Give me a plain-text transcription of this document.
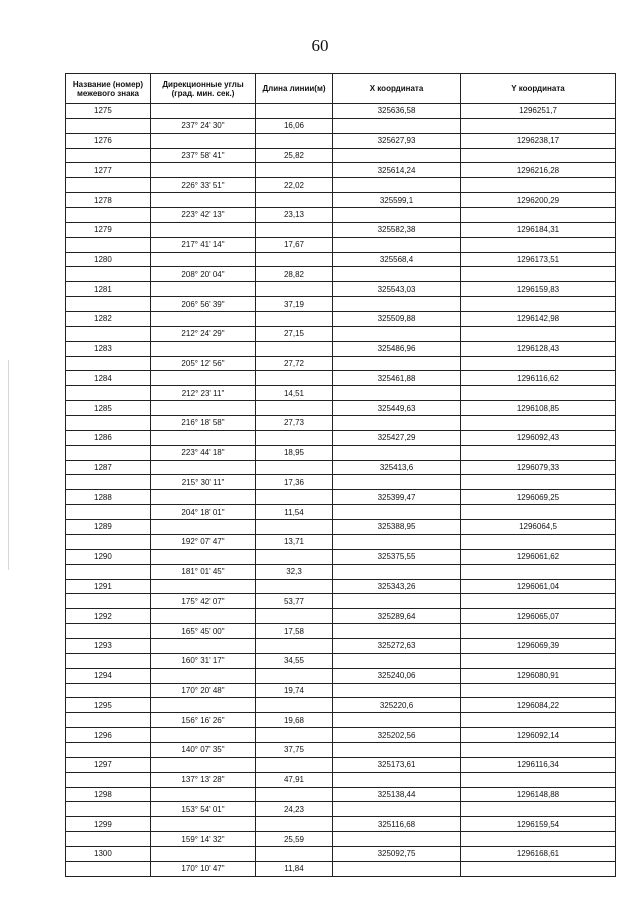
60
Название (номер) межевого знака	Дирекционные углы (град. мин. сек.)	Длина линии(м)	X координата	Y координата
1275			325636,58	1296251,7
	237° 24' 30"	16,06		
1276			325627,93	1296238,17
	237° 58' 41"	25,82		
1277			325614,24	1296216,28
	226° 33' 51"	22,02		
1278			325599,1	1296200,29
	223° 42' 13"	23,13		
1279			325582,38	1296184,31
	217° 41' 14"	17,67		
1280			325568,4	1296173,51
	208° 20' 04"	28,82		
1281			325543,03	1296159,83
	206° 56' 39"	37,19		
1282			325509,88	1296142,98
	212° 24' 29"	27,15		
1283			325486,96	1296128,43
	205° 12' 56"	27,72		
1284			325461,88	1296116,62
	212° 23' 11"	14,51		
1285			325449,63	1296108,85
	216° 18' 58"	27,73		
1286			325427,29	1296092,43
	223° 44' 18"	18,95		
1287			325413,6	1296079,33
	215° 30' 11"	17,36		
1288			325399,47	1296069,25
	204° 18' 01"	11,54		
1289			325388,95	1296064,5
	192° 07' 47"	13,71		
1290			325375,55	1296061,62
	181° 01' 45"	32,3		
1291			325343,26	1296061,04
	175° 42' 07"	53,77		
1292			325289,64	1296065,07
	165° 45' 00"	17,58		
1293			325272,63	1296069,39
	160° 31' 17"	34,55		
1294			325240,06	1296080,91
	170° 20' 48"	19,74		
1295			325220,6	1296084,22
	156° 16' 26"	19,68		
1296			325202,56	1296092,14
	140° 07' 35"	37,75		
1297			325173,61	1296116,34
	137° 13' 28"	47,91		
1298			325138,44	1296148,88
	153° 54' 01"	24,23		
1299			325116,68	1296159,54
	159° 14' 32"	25,59		
1300			325092,75	1296168,61
	170° 10' 47"	11,84		
